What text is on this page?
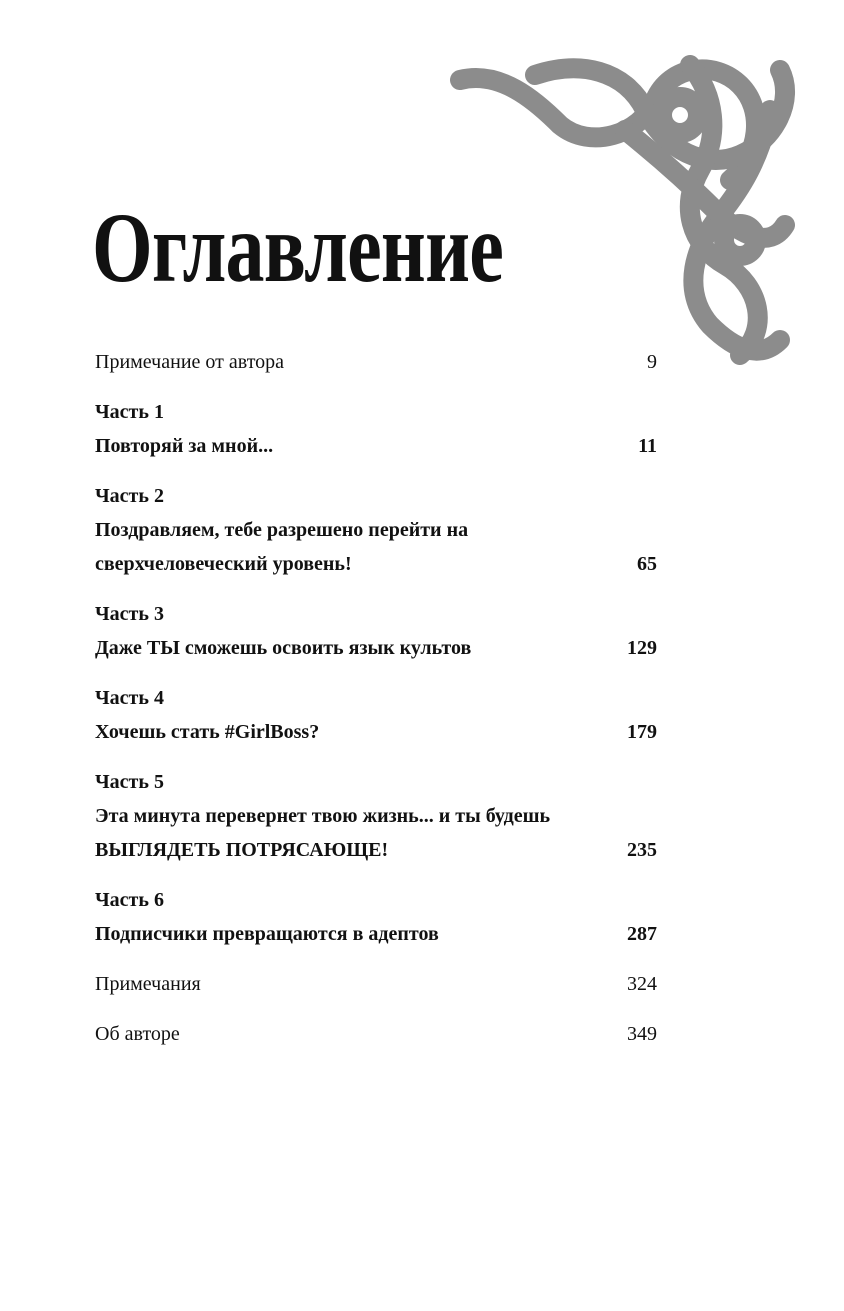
Оглавление
Примечание от автора	9
Часть 1
Повторяй за мной...	11
Часть 2
Поздравляем, тебе разрешено перейти на
сверхчеловеческий уровень!	65
Часть 3
Даже ТЫ сможешь освоить язык культов	129
Часть 4
Хочешь стать #GirlBoss?	179
Часть 5
Эта минута перевернет твою жизнь... и ты будешь
ВЫГЛЯДЕТЬ ПОТРЯСАЮЩЕ!	235
Часть 6
Подписчики превращаются в адептов	287
Примечания	324
Об авторе	349
